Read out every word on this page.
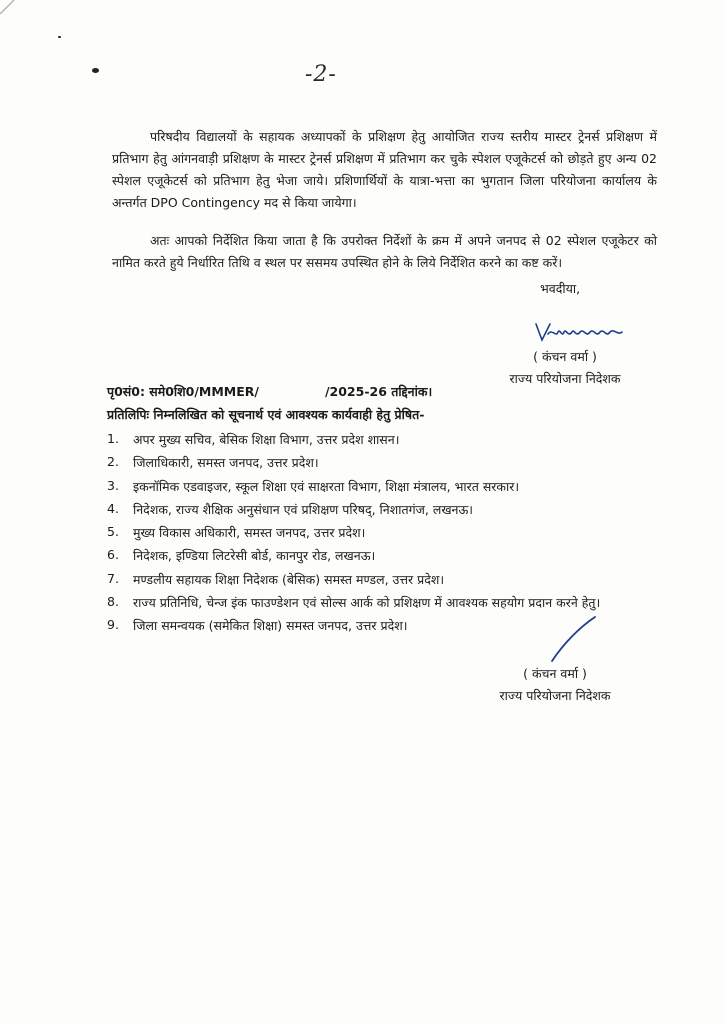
-2-

परिषदीय विद्यालयों के सहायक अध्यापकों के प्रशिक्षण हेतु आयोजित राज्य स्तरीय मास्टर ट्रेनर्स प्रशिक्षण में प्रतिभाग हेतु आंगनवाड़ी प्रशिक्षण के मास्टर ट्रेनर्स प्रशिक्षण में प्रतिभाग कर चुके स्पेशल एजूकेटर्स को छोड़ते हुए अन्य 02 स्पेशल एजूकेटर्स को प्रतिभाग हेतु भेजा जाये। प्रशिणार्थियों के यात्रा-भत्ता का भुगतान जिला परियोजना कार्यालय के अन्तर्गत DPO Contingency मद से किया जायेगा।

अतः आपको निर्देशित किया जाता है कि उपरोक्त निर्देशों के क्रम में अपने जनपद से 02 स्पेशल एजूकेटर को नामित करते हुये निर्धारित तिथि व स्थल पर ससमय उपस्थित होने के लिये निर्देशित करने का कष्ट करें।

भवदीया,
( कंचन वर्मा )
राज्य परियोजना निदेशक
पृ0सं0: समे0शि0/MMMER/	/2025-26 तद्दिनांक।
प्रतिलिपिः निम्नलिखित को सूचनार्थ एवं आवश्यक कार्यवाही हेतु प्रेषित-
1.	अपर मुख्य सचिव, बेसिक शिक्षा विभाग, उत्तर प्रदेश शासन।
2.	जिलाधिकारी, समस्त जनपद, उत्तर प्रदेश।
3.	इकनॉमिक एडवाइजर, स्कूल शिक्षा एवं साक्षरता विभाग, शिक्षा मंत्रालय, भारत सरकार।
4.	निदेशक, राज्य शैक्षिक अनुसंधान एवं प्रशिक्षण परिषद्, निशातगंज, लखनऊ।
5.	मुख्य विकास अधिकारी, समस्त जनपद, उत्तर प्रदेश।
6.	निदेशक, इण्डिया लिटरेसी बोर्ड, कानपुर रोड, लखनऊ।
7.	मण्डलीय सहायक शिक्षा निदेशक (बेसिक) समस्त मण्डल, उत्तर प्रदेश।
8.	राज्य प्रतिनिधि, चेन्ज इंक फाउण्डेशन एवं सोल्स आर्क को प्रशिक्षण में आवश्यक सहयोग प्रदान करने हेतु।
9.	जिला समन्वयक (समेकित शिक्षा) समस्त जनपद, उत्तर प्रदेश।
( कंचन वर्मा )
राज्य परियोजना निदेशक
